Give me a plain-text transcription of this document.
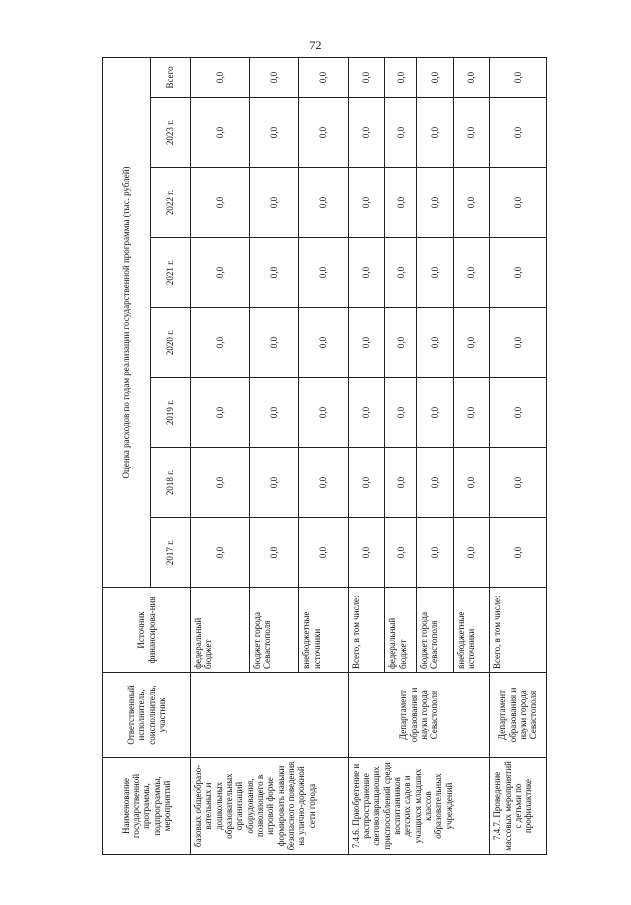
72
Наименование государственной программы, подпрограммы, мероприятий	Ответственный исполнитель, соисполнитель, участник	Источник финансирова-ния	Оценка расходов по годам реализации государственной программы (тыс. рублей)							
			2017 г.	2018 г.	2019 г.	2020 г.	2021 г.	2022 г.	2023 г.	Всего
базовых общеобразо-вательных и дошкольных образовательных организаций оборудования, позволяющего в игровой форме формировать навыки безопасного поведения на улично-дорожной сети города		федеральный бюджет	0,0	0,0	0,0	0,0	0,0	0,0	0,0	0,0
		бюджет города Севастополя	0,0	0,0	0,0	0,0	0,0	0,0	0,0	0,0
		внебюджетные источники	0,0	0,0	0,0	0,0	0,0	0,0	0,0	0,0
7.4.6. Приобретение и распространение световозвращающих приспособлений среди воспитанников детских садов и учащихся младших классов образовательных учреждений	Департамент образования и науки города Севастополя	Всего, в том числе:	0,0	0,0	0,0	0,0	0,0	0,0	0,0	0,0
		федеральный бюджет	0,0	0,0	0,0	0,0	0,0	0,0	0,0	0,0
		бюджет города Севастополя	0,0	0,0	0,0	0,0	0,0	0,0	0,0	0,0
		внебюджетные источники	0,0	0,0	0,0	0,0	0,0	0,0	0,0	0,0
7.4.7. Проведение массовых мероприятий с детьми по профилактике	Департамент образования и науки города Севастополя	Всего, в том числе:	0,0	0,0	0,0	0,0	0,0	0,0	0,0	0,0
